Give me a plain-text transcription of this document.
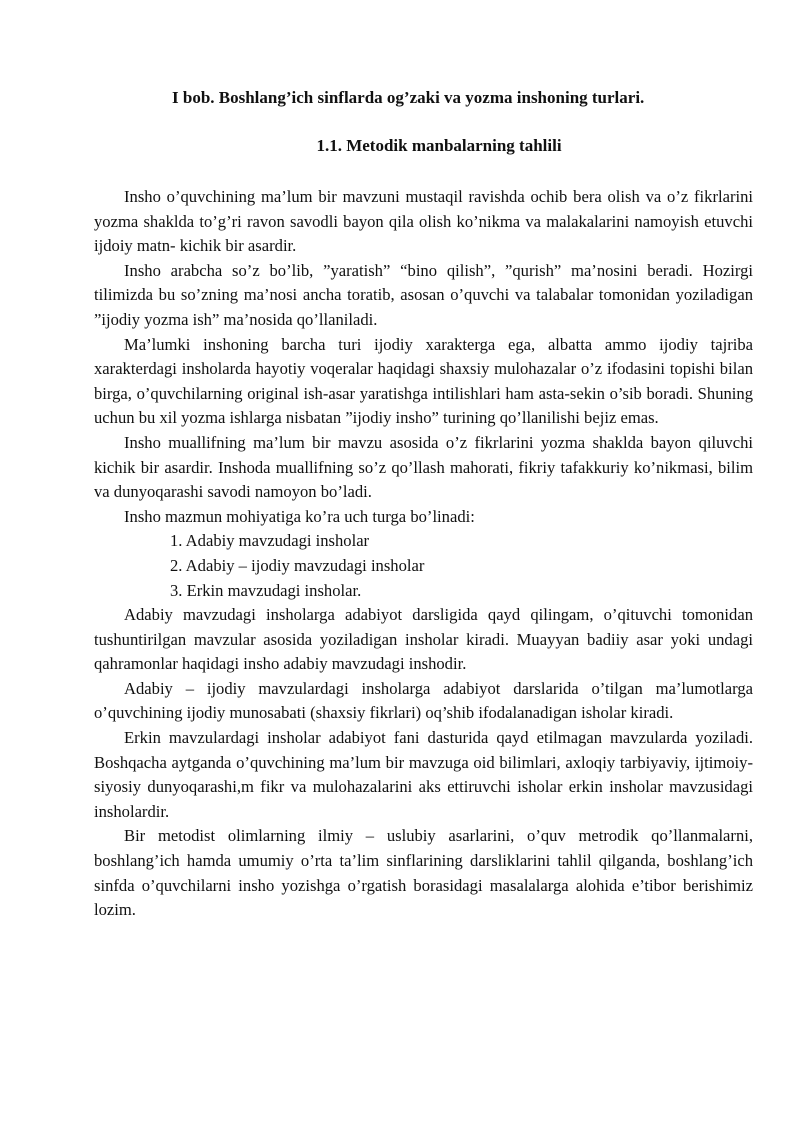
I bob. Boshlang’ich sinflarda og’zaki va yozma inshoning turlari.
1.1. Metodik manbalarning tahlili

Insho o’quvchining ma’lum bir mavzuni mustaqil ravishda ochib bera olish va o’z fikrlarini yozma shaklda to’g’ri ravon savodli bayon qila olish ko’nikma va malakalarini namoyish etuvchi ijdoiy matn- kichik bir asardir.

Insho arabcha so’z bo’lib, ”yaratish” “bino qilish”, ”qurish” ma’nosini beradi. Hozirgi tilimizda bu so’zning ma’nosi ancha toratib, asosan o’quvchi va talabalar tomonidan yoziladigan ”ijodiy yozma ish” ma’nosida qo’llaniladi.

Ma’lumki inshoning barcha turi ijodiy xarakterga ega, albatta ammo ijodiy tajriba xarakterdagi insholarda hayotiy voqeralar haqidagi shaxsiy mulohazalar o’z ifodasini topishi bilan birga, o’quvchilarning original ish-asar yaratishga intilishlari ham asta-sekin o’sib boradi. Shuning uchun bu xil yozma ishlarga nisbatan ”ijodiy insho” turining qo’llanilishi bejiz emas.

Insho muallifning ma’lum bir mavzu asosida o’z fikrlarini yozma shaklda bayon qiluvchi kichik bir asardir. Inshoda muallifning so’z qo’llash mahorati, fikriy tafakkuriy ko’nikmasi, bilim va dunyoqarashi savodi namoyon bo’ladi.

Insho mazmun mohiyatiga ko’ra uch turga bo’linadi:

1. Adabiy mavzudagi insholar
2. Adabiy – ijodiy mavzudagi insholar
3. Erkin mavzudagi insholar.

Adabiy mavzudagi insholarga adabiyot darsligida qayd qilingam, o’qituvchi tomonidan tushuntirilgan mavzular asosida yoziladigan insholar kiradi. Muayyan badiiy asar yoki undagi qahramonlar haqidagi insho adabiy mavzudagi inshodir.

Adabiy – ijodiy mavzulardagi insholarga adabiyot darslarida o’tilgan ma’lumotlarga o’quvchining ijodiy munosabati (shaxsiy fikrlari) oq’shib ifodalanadigan isholar kiradi.

Erkin mavzulardagi insholar adabiyot fani dasturida qayd etilmagan mavzularda yoziladi. Boshqacha aytganda o’quvchining ma’lum bir mavzuga oid bilimlari, axloqiy tarbiyaviy, ijtimoiy-siyosiy dunyoqarashi,m fikr va mulohazalarini aks ettiruvchi isholar erkin insholar mavzusidagi insholardir.

Bir metodist olimlarning ilmiy – uslubiy asarlarini, o’quv metrodik qo’llanmalarni, boshlang’ich hamda umumiy o’rta ta’lim sinflarining darsliklarini tahlil qilganda, boshlang’ich sinfda o’quvchilarni insho yozishga o’rgatish borasidagi masalalarga alohida e’tibor berishimiz lozim.
